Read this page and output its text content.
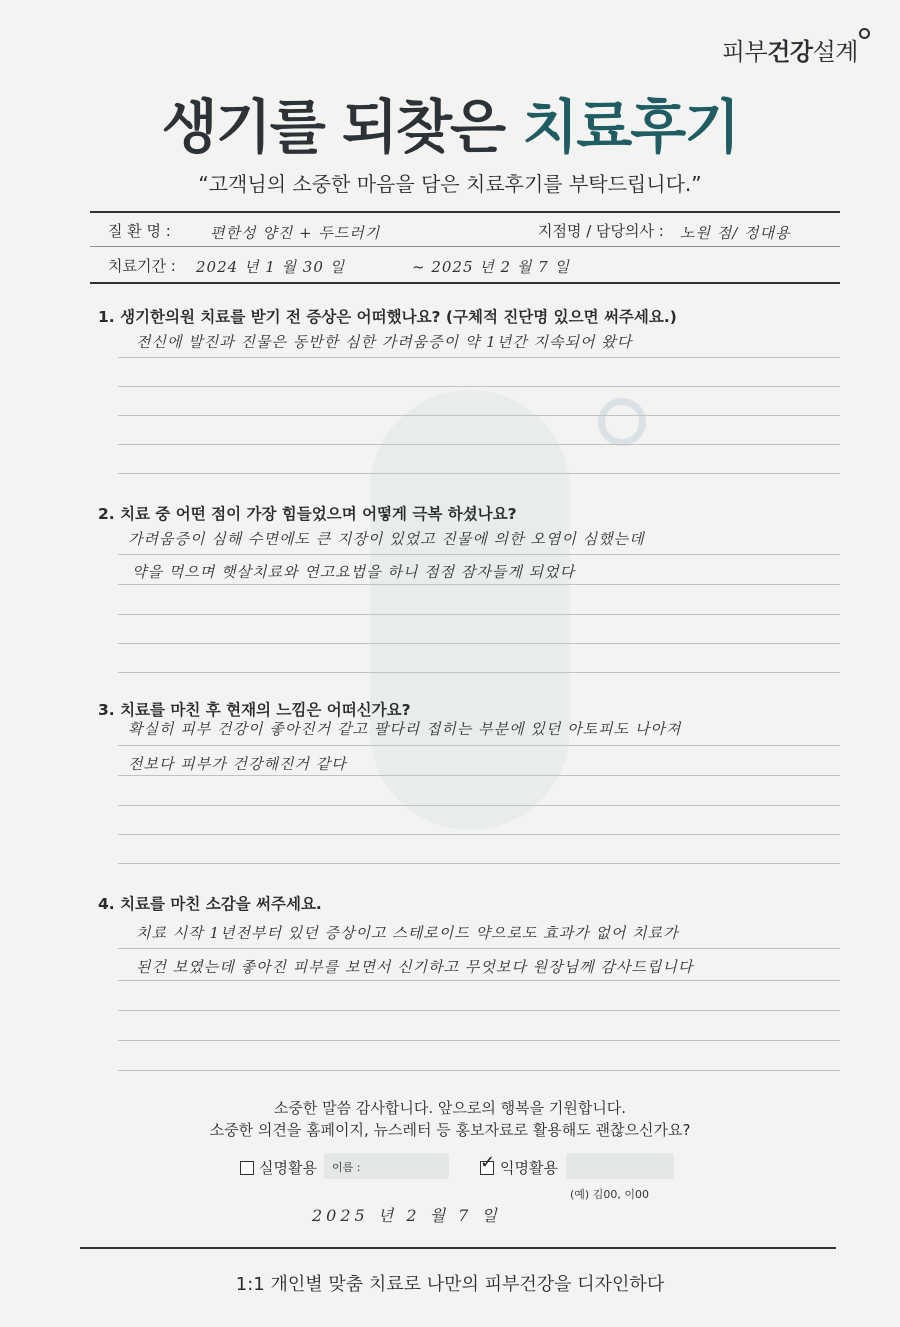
피부건강설계
생기를 되찾은 치료후기
“고객님의 소중한 마음을 담은 치료후기를 부탁드립니다.”
질 환 명 :	편한성 양진 + 두드러기	지점명 / 담당의사 : 노원 점/ 정대용
치료기간 : 2024 년 1 월 30 일	~ 2025 년 2 월 7 일
1. 생기한의원 치료를 받기 전 증상은 어떠했나요? (구체적 진단명 있으면 써주세요.)
전신에 발진과 진물은 동반한 심한 가려움증이 약 1년간 지속되어 왔다
2. 치료 중 어떤 점이 가장 힘들었으며 어떻게 극복 하셨나요?
가려움증이 심해 수면에도 큰 지장이 있었고 진물에 의한 오염이 심했는데
약을 먹으며 햇살치료와 연고요법을 하니 점점 잠자들게 되었다
3. 치료를 마친 후 현재의 느낌은 어떠신가요?
확실히 피부 건강이 좋아진거 같고 팔다리 접히는 부분에 있던 아토피도 나아져
전보다 피부가 건강해진거 같다
4. 치료를 마친 소감을 써주세요.
치료 시작 1년전부터 있던 증상이고 스테로이드 약으로도 효과가 없어 치료가
된건 보였는데 좋아진 피부를 보면서 신기하고 무엇보다 원장님께 감사드립니다
소중한 말씀 감사합니다. 앞으로의 행복을 기원합니다.
소중한 의견을 홈페이지, 뉴스레터 등 홍보자료로 활용해도 괜찮으신가요?
실명활용 이름 :	✓ 익명활용
(예) 김00, 이00
2025 년 2 월 7 일
1:1 개인별 맞춤 치료로 나만의 피부건강을 디자인하다
